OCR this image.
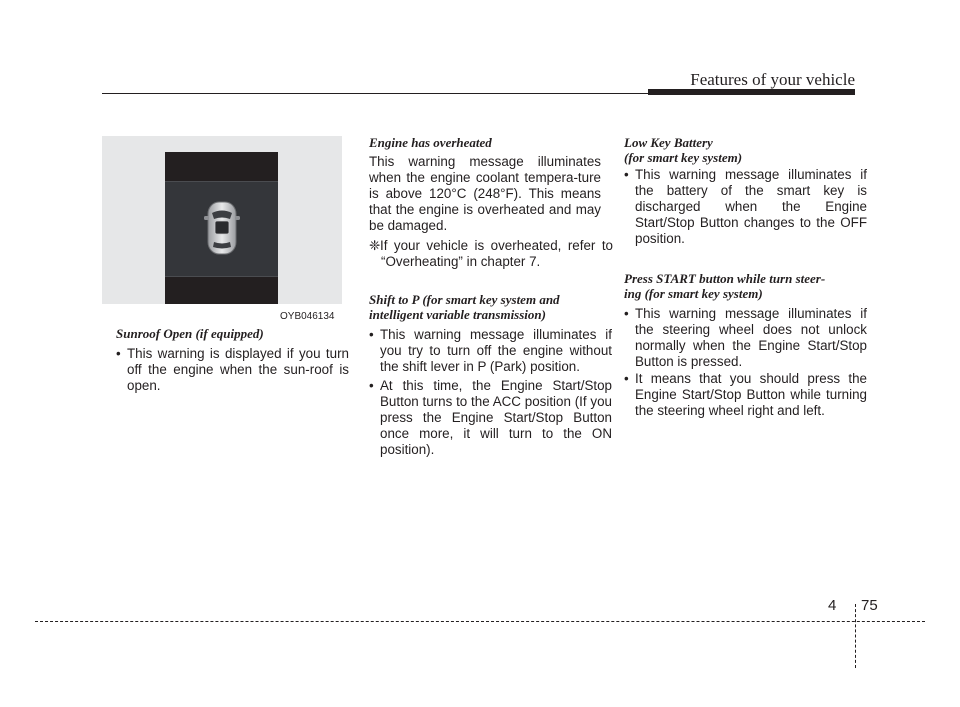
Features of your vehicle
OYB046134

Sunroof Open (if equipped)

• This warning is displayed if you turn off the engine when the sun-roof is open.

Engine has overheated

This warning message illuminates when the engine coolant tempera-ture is above 120°C (248°F). This means that the engine is overheated and may be damaged.

❈If your vehicle is overheated, refer to “Overheating” in chapter 7.

Shift to P (for smart key system and
intelligent variable transmission)

• This warning message illuminates if you try to turn off the engine without the shift lever in P (Park) position.

• At this time, the Engine Start/Stop Button turns to the ACC position (If you press the Engine Start/Stop Button once more, it will turn to the ON position).

Low Key Battery
(for smart key system)

• This warning message illuminates if the battery of the smart key is discharged when the Engine Start/Stop Button changes to the OFF position.

Press START button while turn steer-
ing (for smart key system)

• This warning message illuminates if the steering wheel does not unlock normally when the Engine Start/Stop Button is pressed.

• It means that you should press the Engine Start/Stop Button while turning the steering wheel right and left.

4 75
